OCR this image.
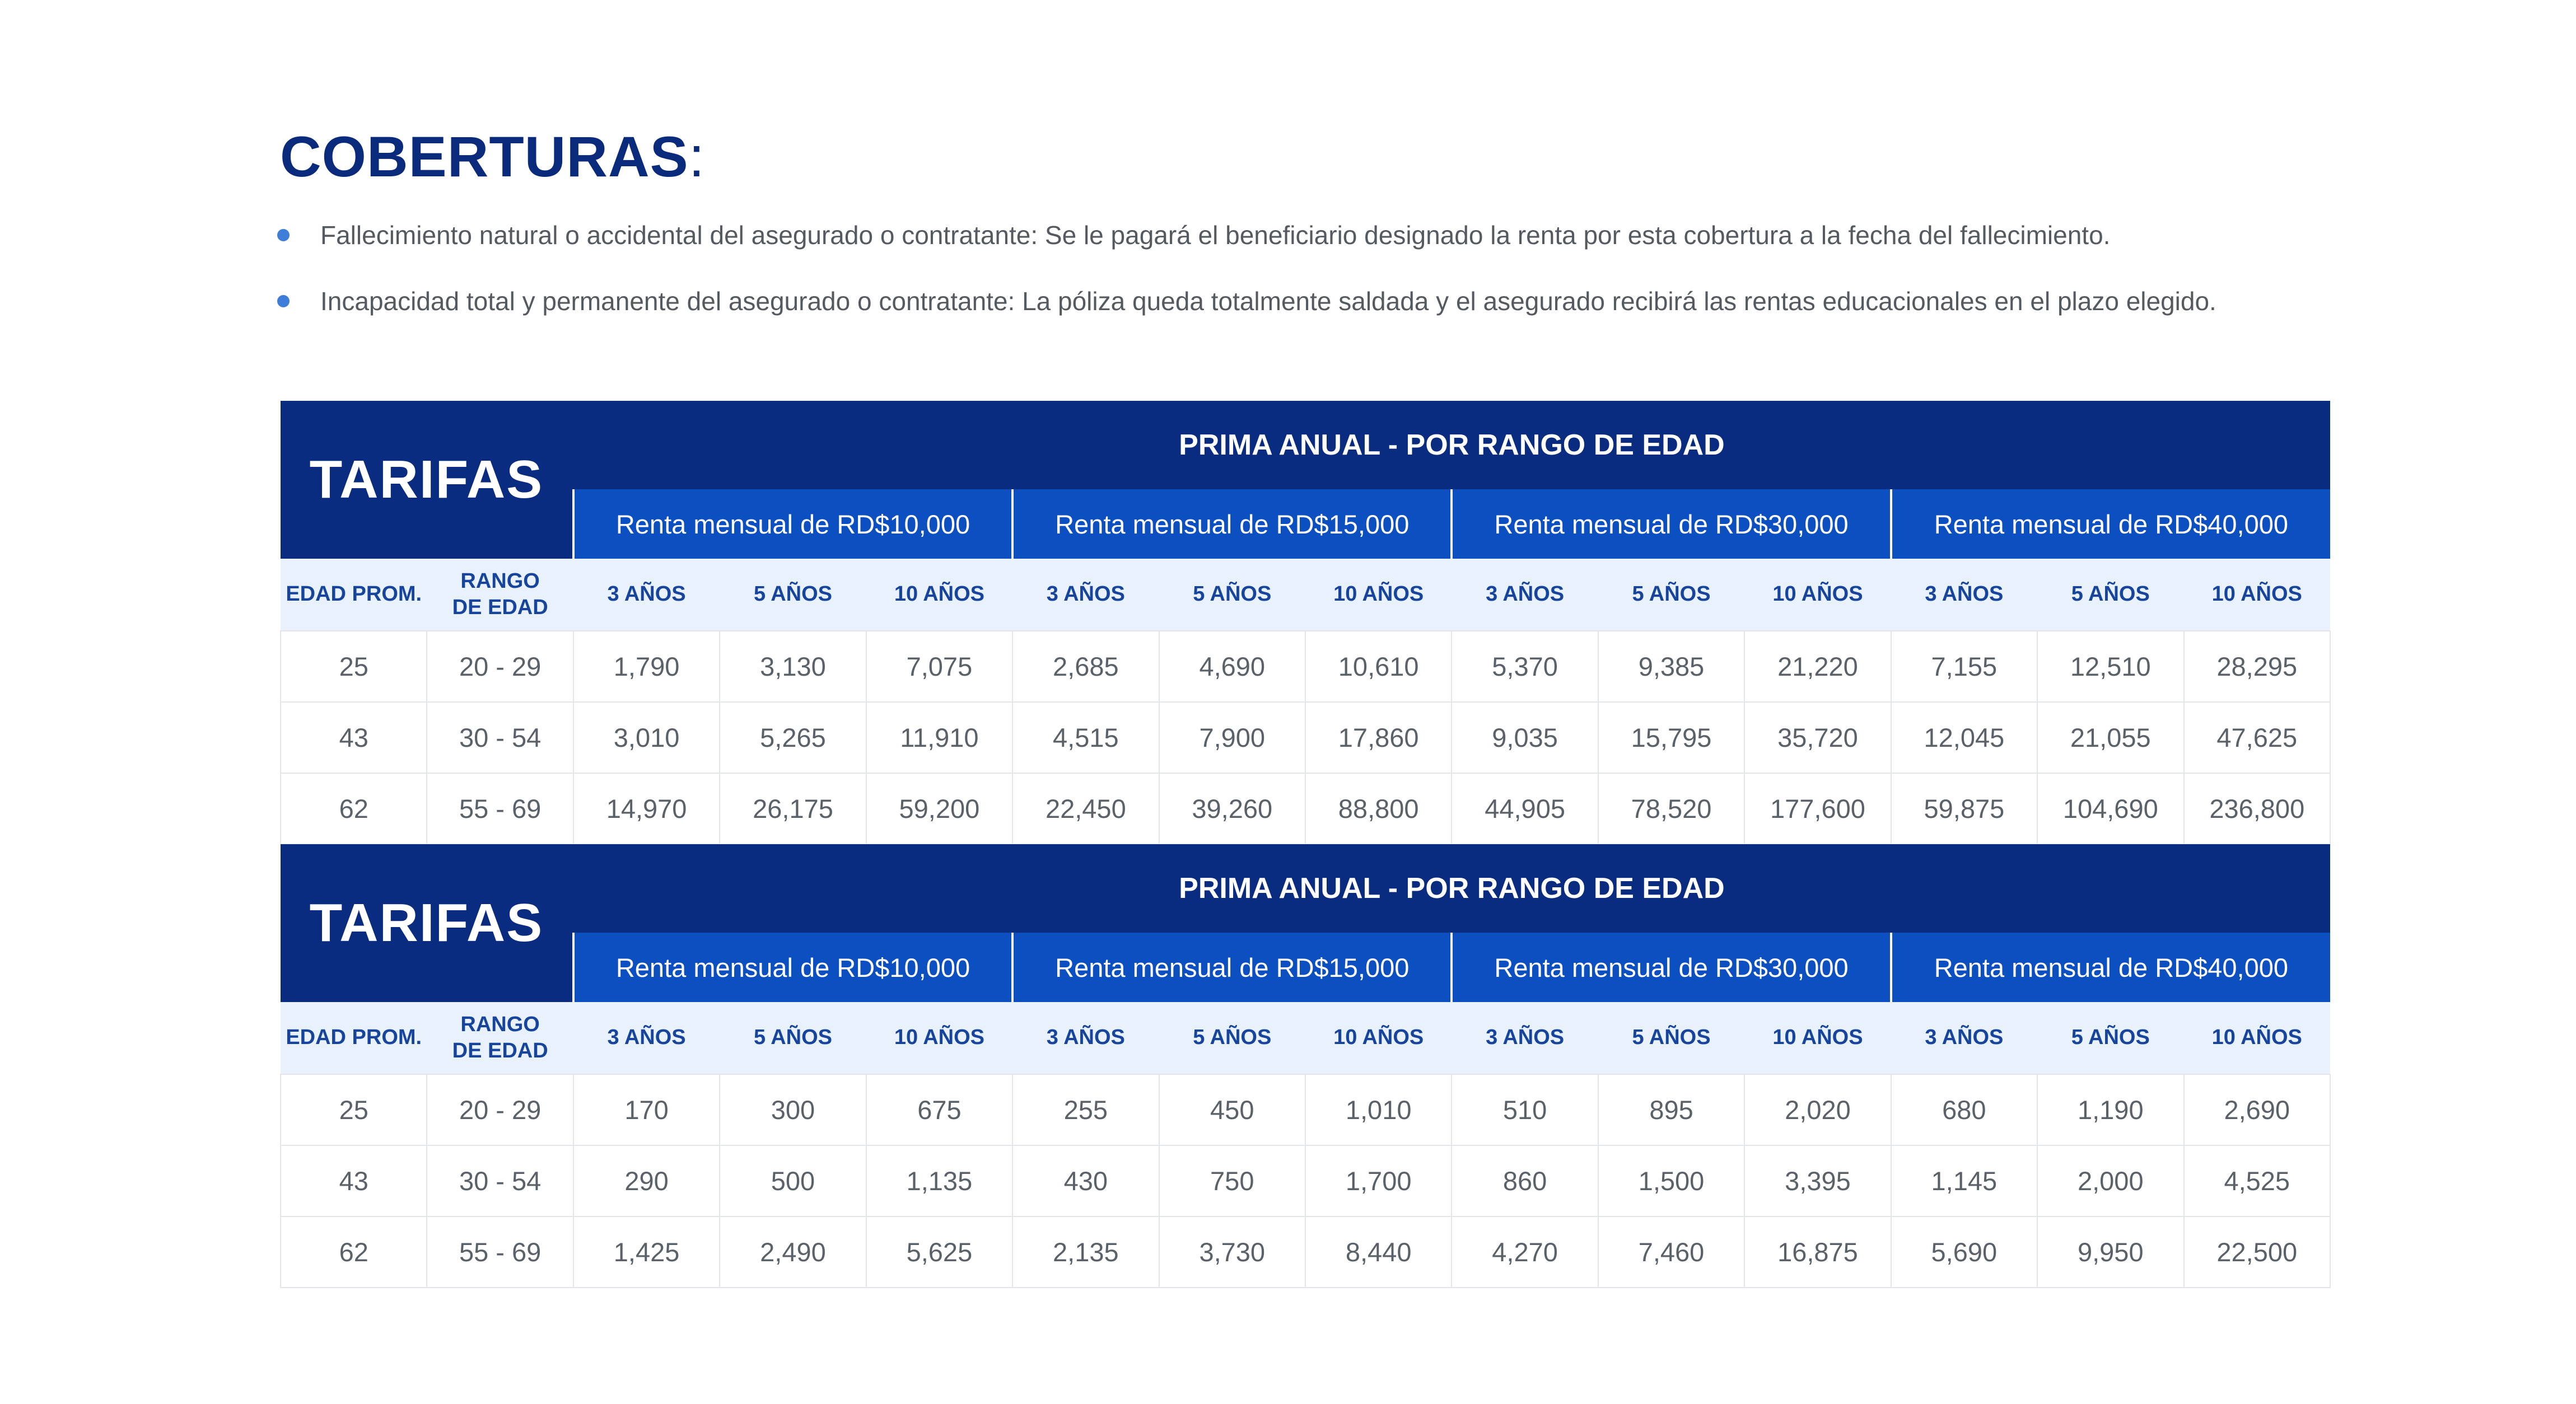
COBERTURAS:
Fallecimiento natural o accidental del asegurado o contratante: Se le pagará el beneficiario designado la renta por esta cobertura a la fecha del fallecimiento.
Incapacidad total y permanente del asegurado o contratante: La póliza queda totalmente saldada y el asegurado recibirá las rentas educacionales en el plazo elegido.
TARIFAS		PRIMA ANUAL - POR RANGO DE EDAD											
		Renta mensual de RD$10,000			Renta mensual de RD$15,000			Renta mensual de RD$30,000			Renta mensual de RD$40,000		
EDAD PROM.	RANGO DE EDAD	3 AÑOS	5 AÑOS	10 AÑOS	3 AÑOS	5 AÑOS	10 AÑOS	3 AÑOS	5 AÑOS	10 AÑOS	3 AÑOS	5 AÑOS	10 AÑOS
25	20 - 29	1,790	3,130	7,075	2,685	4,690	10,610	5,370	9,385	21,220	7,155	12,510	28,295
43	30 - 54	3,010	5,265	11,910	4,515	7,900	17,860	9,035	15,795	35,720	12,045	21,055	47,625
62	55 - 69	14,970	26,175	59,200	22,450	39,260	88,800	44,905	78,520	177,600	59,875	104,690	236,800
TARIFAS		PRIMA ANUAL - POR RANGO DE EDAD											
		Renta mensual de RD$10,000			Renta mensual de RD$15,000			Renta mensual de RD$30,000			Renta mensual de RD$40,000		
EDAD PROM.	RANGO DE EDAD	3 AÑOS	5 AÑOS	10 AÑOS	3 AÑOS	5 AÑOS	10 AÑOS	3 AÑOS	5 AÑOS	10 AÑOS	3 AÑOS	5 AÑOS	10 AÑOS
25	20 - 29	170	300	675	255	450	1,010	510	895	2,020	680	1,190	2,690
43	30 - 54	290	500	1,135	430	750	1,700	860	1,500	3,395	1,145	2,000	4,525
62	55 - 69	1,425	2,490	5,625	2,135	3,730	8,440	4,270	7,460	16,875	5,690	9,950	22,500
